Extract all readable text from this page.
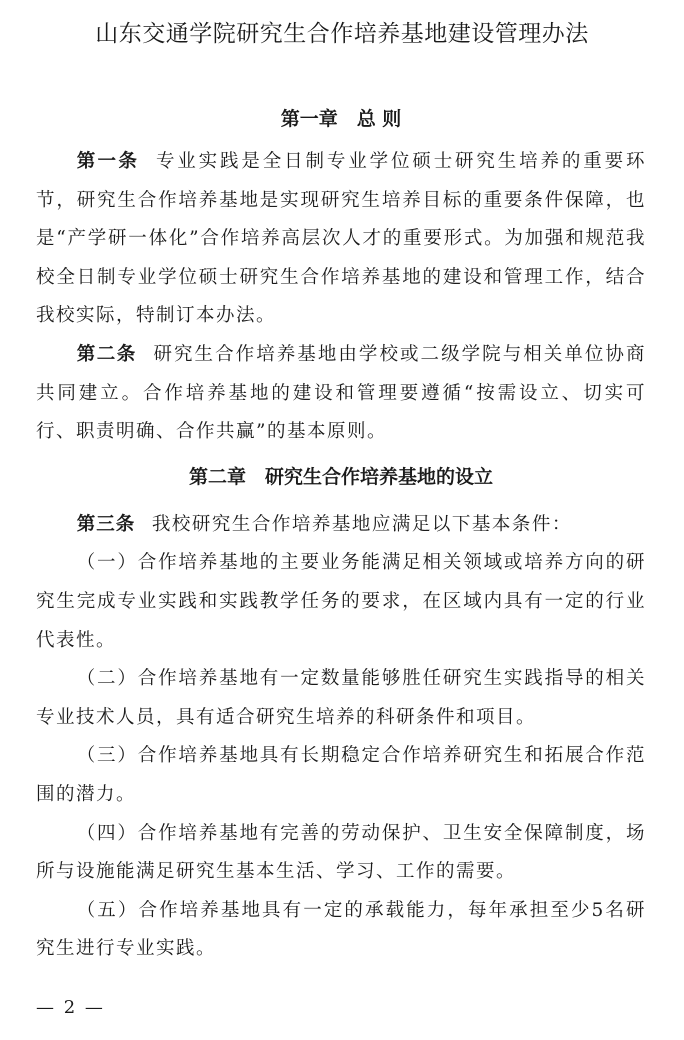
山东交通学院研究生合作培养基地建设管理办法
第一章　总 则

第一条 专业实践是全日制专业学位硕士研究生培养的重要环节，研究生合作培养基地是实现研究生培养目标的重要条件保障，也是“产学研一体化”合作培养高层次人才的重要形式。为加强和规范我校全日制专业学位硕士研究生合作培养基地的建设和管理工作，结合我校实际，特制订本办法。

第二条 研究生合作培养基地由学校或二级学院与相关单位协商共同建立。合作培养基地的建设和管理要遵循“按需设立、切实可行、职责明确、合作共赢”的基本原则。

第二章　研究生合作培养基地的设立

第三条 我校研究生合作培养基地应满足以下基本条件：

（一）合作培养基地的主要业务能满足相关领域或培养方向的研究生完成专业实践和实践教学任务的要求，在区域内具有一定的行业代表性。

（二）合作培养基地有一定数量能够胜任研究生实践指导的相关专业技术人员，具有适合研究生培养的科研条件和项目。

（三）合作培养基地具有长期稳定合作培养研究生和拓展合作范围的潜力。

（四）合作培养基地有完善的劳动保护、卫生安全保障制度，场所与设施能满足研究生基本生活、学习、工作的需要。

（五）合作培养基地具有一定的承载能力，每年承担至少5名研究生进行专业实践。

— 2 —
